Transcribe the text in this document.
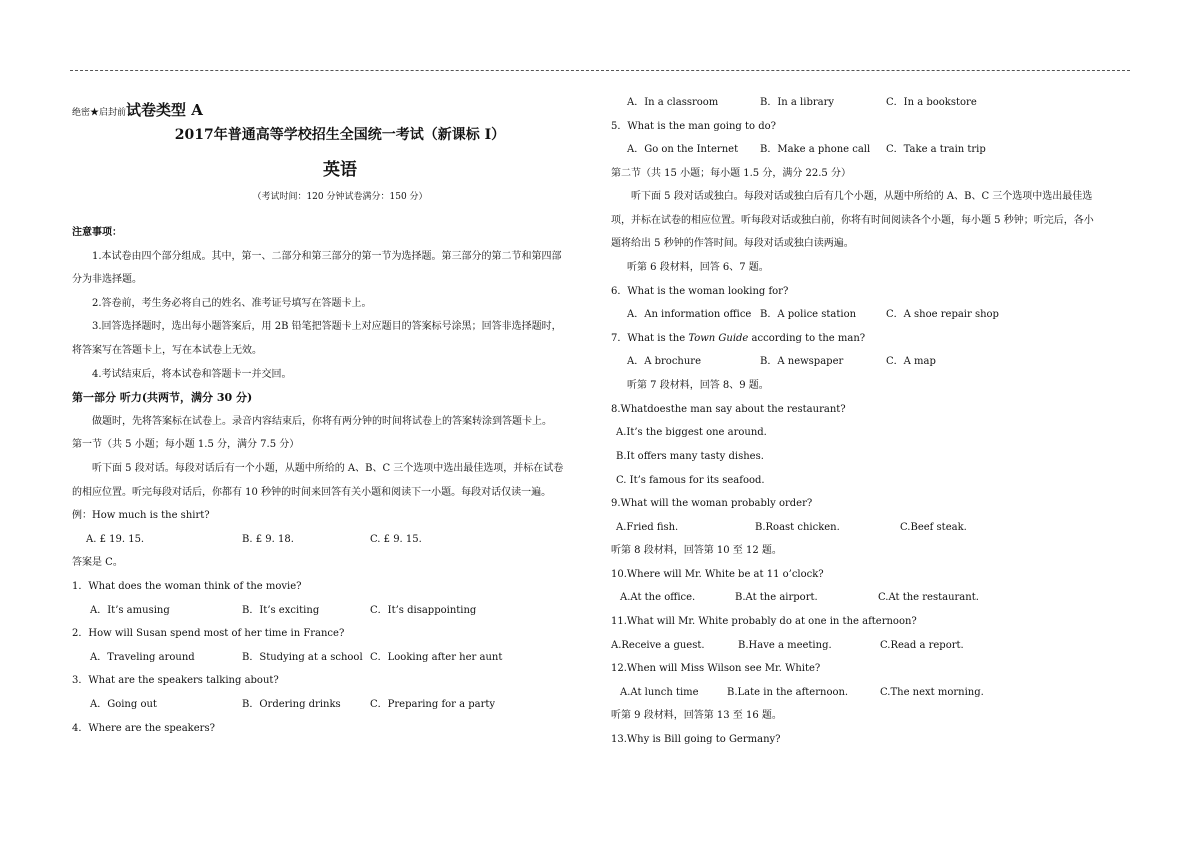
绝密★启封前试卷类型 A
2017年普通高等学校招生全国统一考试（新课标 I）
英语
（考试时间：120 分钟试卷满分：150 分）
注意事项：
1.本试卷由四个部分组成。其中，第一、二部分和第三部分的第一节为选择题。第三部分的第二节和第四部
分为非选择题。
2.答卷前，考生务必将自己的姓名、准考证号填写在答题卡上。
3.回答选择题时，选出每小题答案后，用 2B 铅笔把答题卡上对应题目的答案标号涂黑；回答非选择题时，
将答案写在答题卡上，写在本试卷上无效。
4.考试结束后，将本试卷和答题卡一并交回。
第一部分 听力(共两节，满分 30 分)
做题时，先将答案标在试卷上。录音内容结束后，你将有两分钟的时间将试卷上的答案转涂到答题卡上。
第一节（共 5 小题；每小题 1.5 分，满分 7.5 分）
听下面 5 段对话。每段对话后有一个小题，从题中所给的 A、B、C 三个选项中选出最佳选项，并标在试卷
的相应位置。听完每段对话后，你都有 10 秒钟的时间来回答有关小题和阅读下一小题。每段对话仅读一遍。
例：How much is the shirt?
A. £ 19. 15.	B. £ 9. 18.	C. £ 9. 15.
答案是 C。
1．What does the woman think of the movie?
A．It’s amusing	B．It’s exciting	C．It’s disappointing
2．How will Susan spend most of her time in France?
A．Traveling around	B．Studying at a school C．Looking after her aunt
3．What are the speakers talking about?
A．Going out	B．Ordering drinks	C．Preparing for a party
4．Where are the speakers?
A．In a classroom	B．In a library	C．In a bookstore
5．What is the man going to do?
A．Go on the Internet B．Make a phone call C．Take a train trip
第二节（共 15 小题；每小题 1.5 分，满分 22.5 分）
听下面 5 段对话或独白。每段对话或独白后有几个小题，从题中所给的 A、B、C 三个选项中选出最佳选
项，并标在试卷的相应位置。听每段对话或独白前，你将有时间阅读各个小题，每小题 5 秒钟；听完后，各小
题将给出 5 秒钟的作答时间。每段对话或独白读两遍。
听第 6 段材料，回答 6、7 题。
6．What is the woman looking for?
A．An information office B．A police station	C．A shoe repair shop
7．What is the Town Guide according to the man?
A．A brochure	B．A newspaper	C．A map
听第 7 段材料，回答 8、9 题。
8.Whatdoesthe man say about the restaurant?
A.It’s the biggest one around.
B.It offers many tasty dishes.
C. It’s famous for its seafood.
9.What will the woman probably order?
A.Fried fish.	B.Roast chicken.	C.Beef steak.
听第 8 段材料，回答第 10 至 12 题。
10.Where will Mr. White be at 11 o’clock?
A.At the office.	B.At the airport.	C.At the restaurant.
11.What will Mr. White probably do at one in the afternoon?
A.Receive a guest.	B.Have a meeting.	C.Read a report.
12.When will Miss Wilson see Mr. White?
A.At lunch time	B.Late in the afternoon.	C.The next morning.
听第 9 段材料，回答第 13 至 16 题。
13.Why is Bill going to Germany?
